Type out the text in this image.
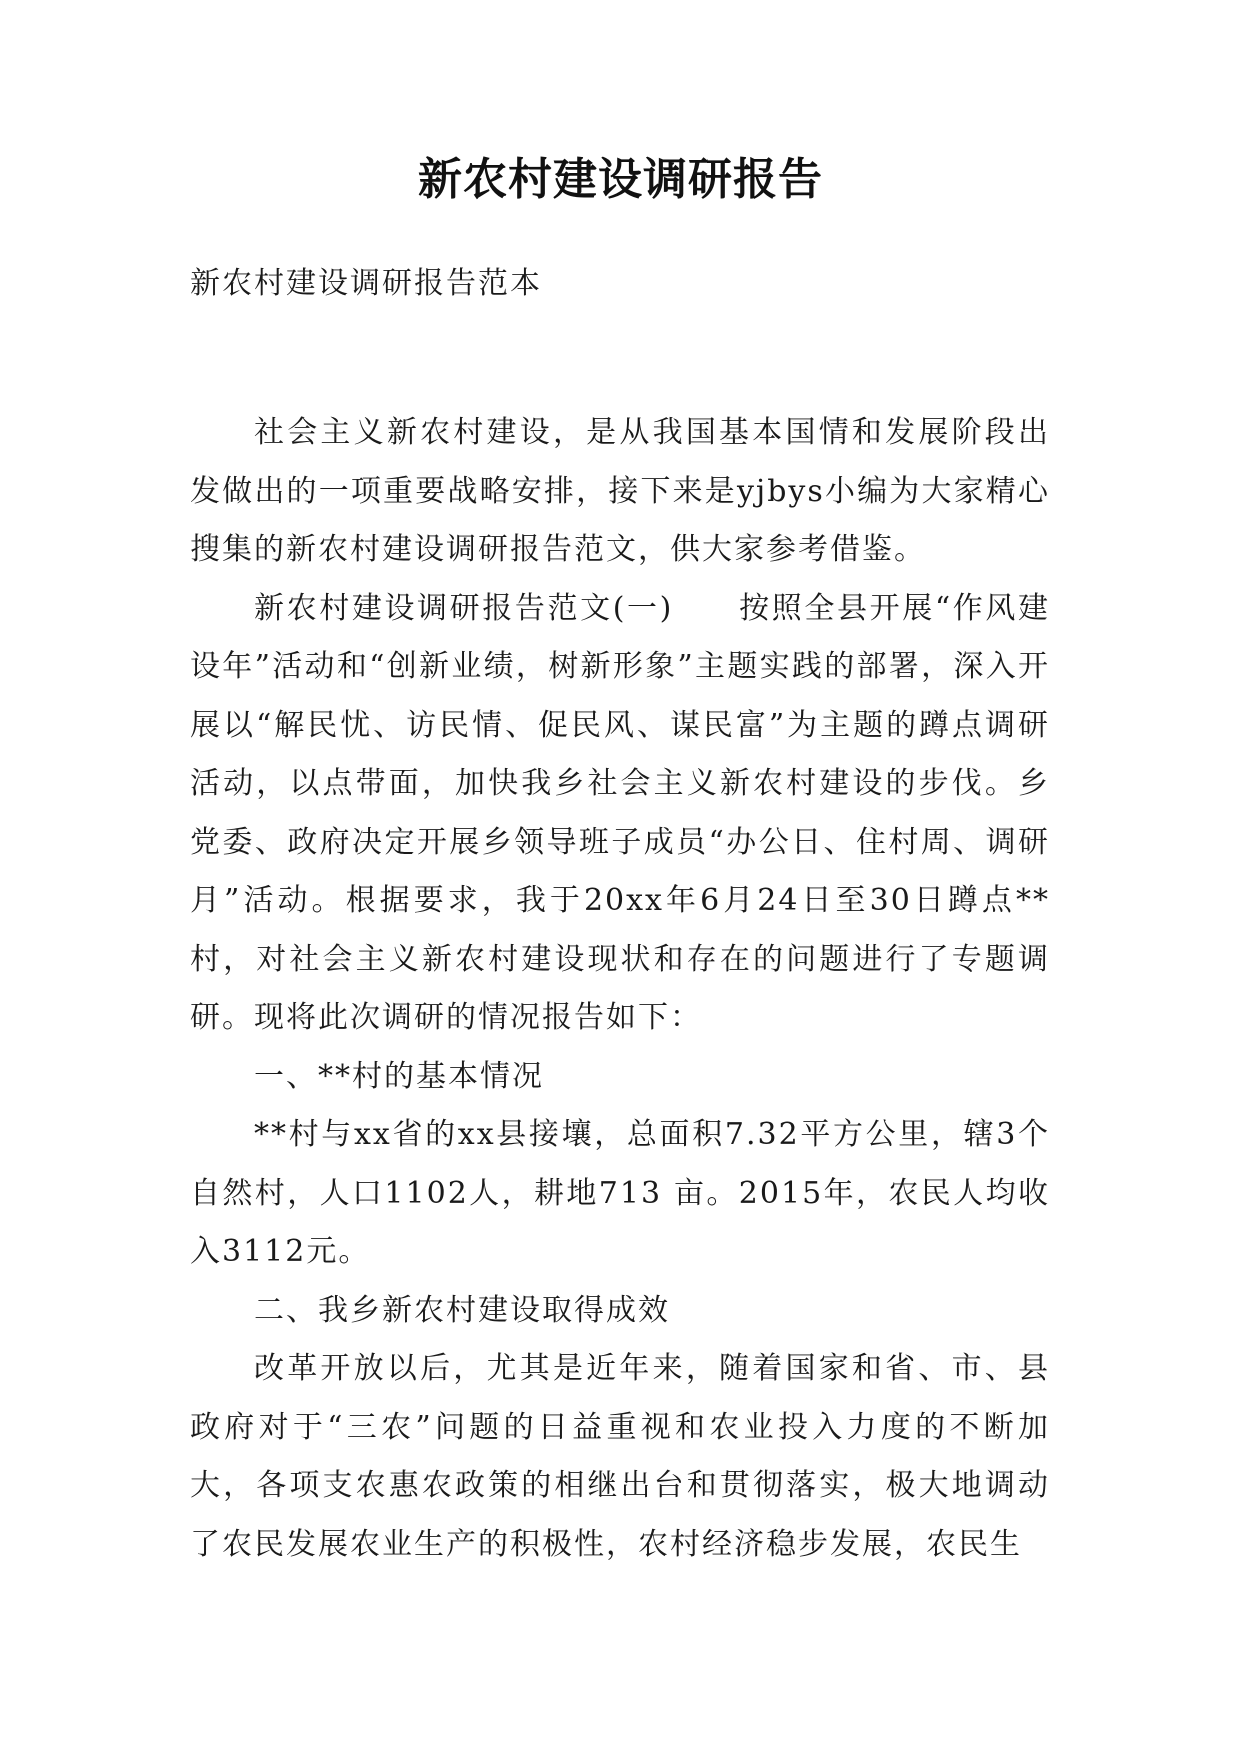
新农村建设调研报告
新农村建设调研报告范本

社会主义新农村建设，是从我国基本国情和发展阶段出发做出的一项重要战略安排，接下来是yjbys小编为大家精心搜集的新农村建设调研报告范文，供大家参考借鉴。

新农村建设调研报告范文(一)　　按照全县开展“作风建设年”活动和“创新业绩，树新形象”主题实践的部署，深入开展以“解民忧、访民情、促民风、谋民富”为主题的蹲点调研活动，以点带面，加快我乡社会主义新农村建设的步伐。乡党委、政府决定开展乡领导班子成员“办公日、住村周、调研月”活动。根据要求，我于20xx年6月24日至30日蹲点**村，对社会主义新农村建设现状和存在的问题进行了专题调研。现将此次调研的情况报告如下：

一、**村的基本情况

**村与xx省的xx县接壤，总面积7.32平方公里，辖3个自然村，人口1102人，耕地713 亩。2015年，农民人均收入3112元。

二、我乡新农村建设取得成效

改革开放以后，尤其是近年来，随着国家和省、市、县政府对于“三农”问题的日益重视和农业投入力度的不断加大，各项支农惠农政策的相继出台和贯彻落实，极大地调动了农民发展农业生产的积极性，农村经济稳步发展，农民生
